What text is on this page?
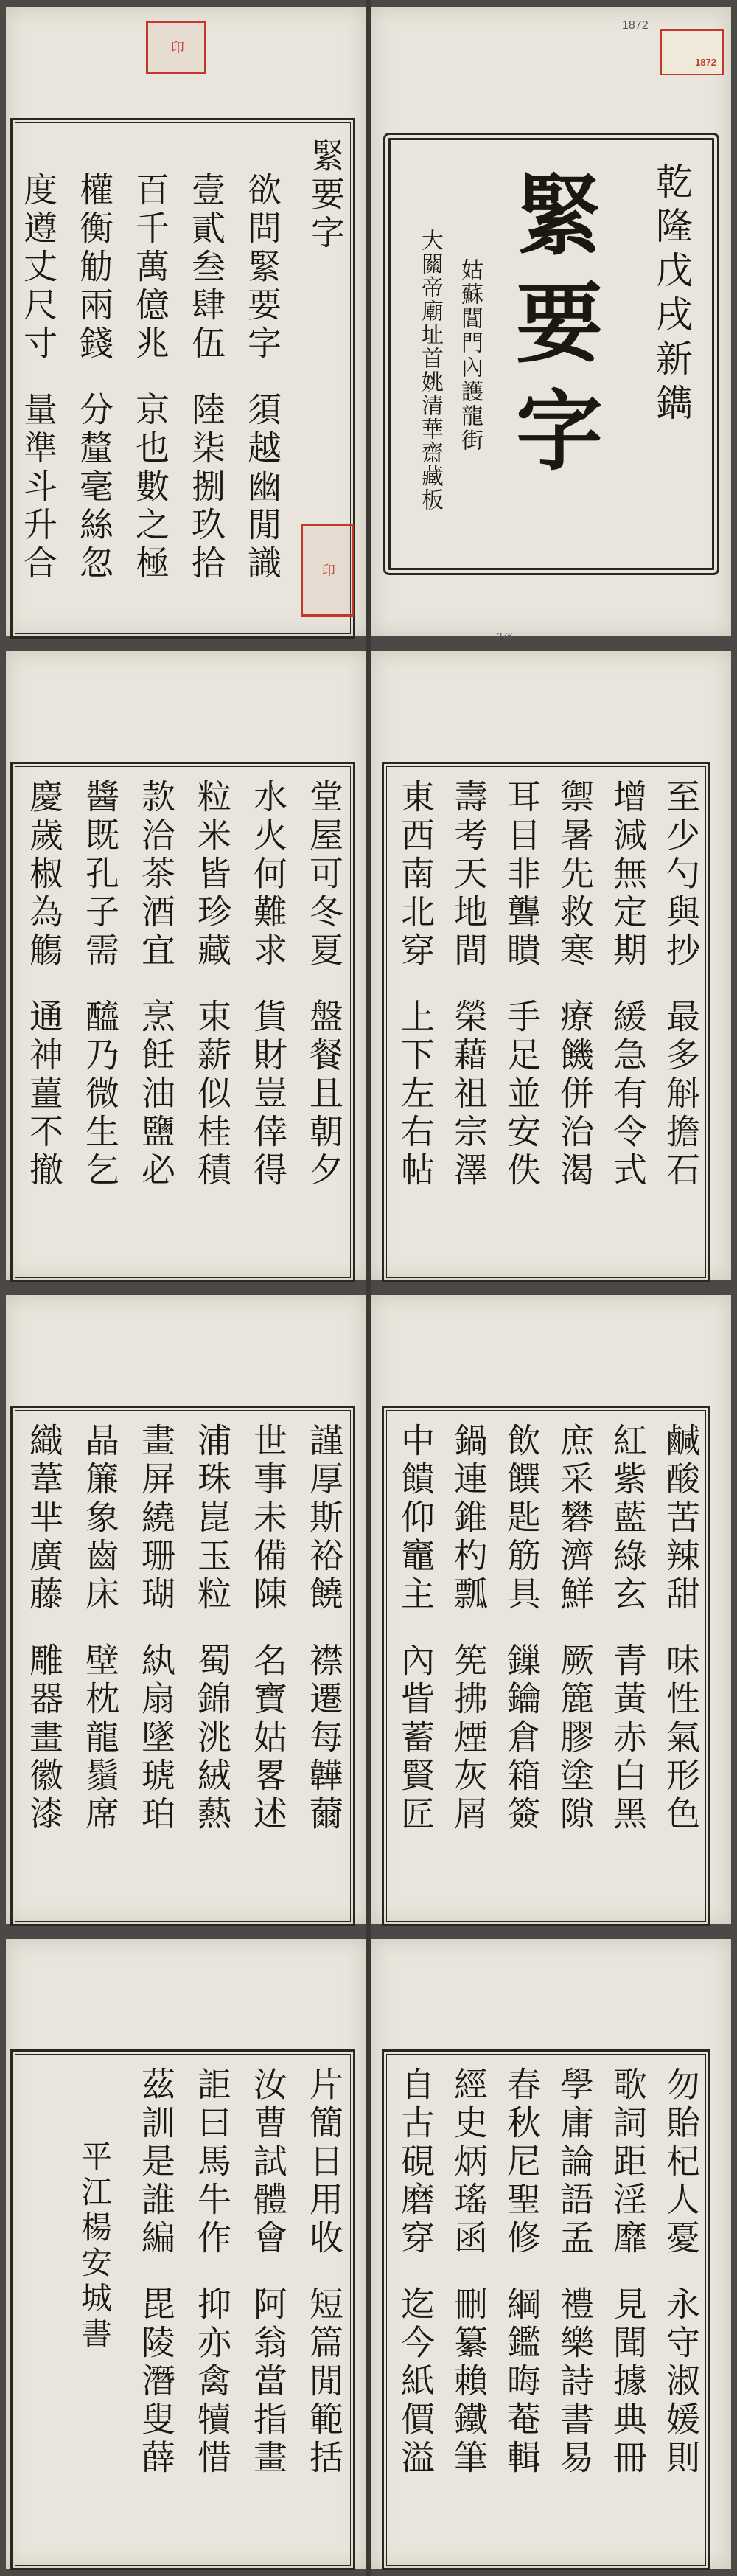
印
緊要字
欲問緊要字須越幽閒識
壹貳叁肆伍陸柒捌玖拾
百千萬億兆京也數之極
權衡觔兩錢分釐毫絲忽
度遵丈尺寸量準斗升合	印
1872
1872
乾隆戊戌新鐫
緊要字
姑蘇閶門內護龍街
大關帝廟址首姚清華齋藏板
276
堂屋可冬夏盤餐且朝夕
水火何難求貨財豈倖得
粒米皆珍藏束薪似桂積
款洽茶酒宜烹飪油鹽必
醬既孔子需醯乃微生乞
慶歲椒為觴通神薑不撤
至少勺與抄最多斛擔石
增減無定期緩急有令式
禦暑先救寒療饑併治渴
耳目非聾瞶手足並安佚
壽考天地間榮藉祖宗澤
東西南北穿上下左右帖
謹厚斯裕饒襟遷每韡薾
世事未備陳名寶姑畧述
浦珠崑玉粒蜀錦洮絨爇
畫屏繞珊瑚紈扇墜琥珀
晶簾象齒床壁枕龍鬚席
織葦芈廣藤雕器畫徽漆
鹹酸苦辣甜味性氣形色
紅紫藍綠玄青黃赤白黑
庶采礬濟鮮厥簏膠塗隙
飲饌匙筋具鏁鑰倉箱簽
鍋連錐杓瓢筅拂煙灰屑
中饋仰竈主內眥蓄賢匠
片簡日用收短篇閒範括
汝曹試體會阿翁當指畫
詎曰馬牛作抑亦禽犢惜
茲訓是誰編毘陵潛叟薛
平江楊安城書	勿貽杞人憂永守淑媛則
歌詞距淫靡見聞據典冊
學庸論語孟禮樂詩書易
春秋尼聖修綱鑑晦菴輯
經史炳瑤函刪纂賴鐵筆
自古硯磨穿迄今紙價溢
